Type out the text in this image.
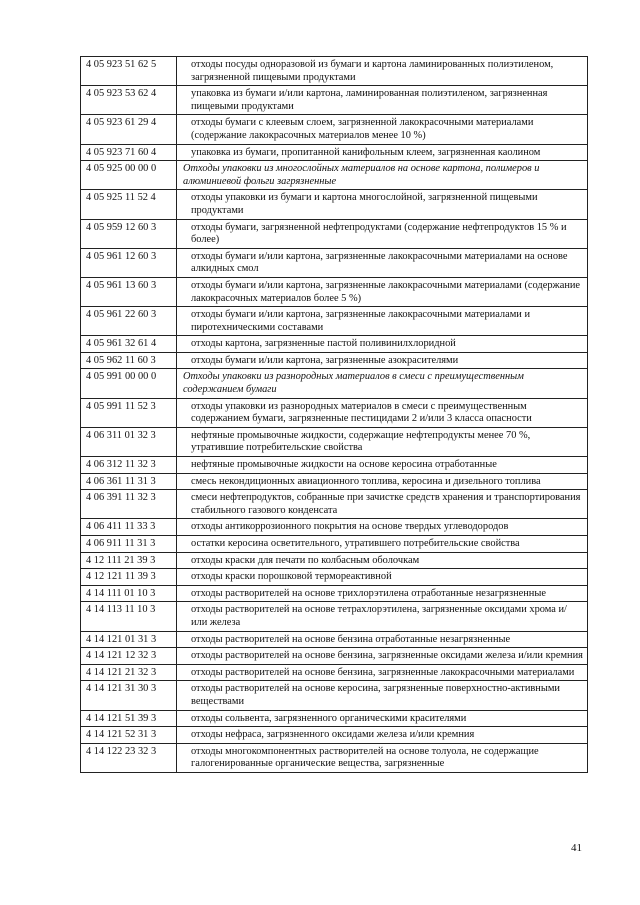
4 05 923 51 62 5	отходы посуды одноразовой из бумаги и картона ламинированных полиэтиленом, загрязненной пищевыми продуктами
4 05 923 53 62 4	упаковка из бумаги и/или картона, ламинированная полиэтиленом, загрязненная пищевыми продуктами
4 05 923 61 29 4	отходы бумаги с клеевым слоем, загрязненной лакокрасочными материалами (содержание лакокрасочных материалов менее 10 %)
4 05 923 71 60 4	упаковка из бумаги, пропитанной канифольным клеем, загрязненная каолином
4 05 925 00 00 0	Отходы упаковки из многослойных материалов на основе картона, полимеров и алюминиевой фольги загрязненные
4 05 925 11 52 4	отходы упаковки из бумаги и картона многослойной, загрязненной пищевыми продуктами
4 05 959 12 60 3	отходы бумаги, загрязненной нефтепродуктами (содержание нефтепродуктов 15 % и более)
4 05 961 12 60 3	отходы бумаги и/или картона, загрязненные лакокрасочными материалами на основе алкидных смол
4 05 961 13 60 3	отходы бумаги и/или картона, загрязненные лакокрасочными материалами (содержание лакокрасочных материалов более 5 %)
4 05 961 22 60 3	отходы бумаги и/или картона, загрязненные лакокрасочными материалами и пиротехническими составами
4 05 961 32 61 4	отходы картона, загрязненные пастой поливинилхлоридной
4 05 962 11 60 3	отходы бумаги и/или картона, загрязненные азокрасителями
4 05 991 00 00 0	Отходы упаковки из разнородных материалов в смеси с преимущественным содержанием бумаги
4 05 991 11 52 3	отходы упаковки из разнородных материалов в смеси с преимущественным содержанием бумаги, загрязненные пестицидами 2 и/или 3 класса опасности
4 06 311 01 32 3	нефтяные промывочные жидкости, содержащие нефтепродукты менее 70 %, утратившие потребительские свойства
4 06 312 11 32 3	нефтяные промывочные жидкости на основе керосина отработанные
4 06 361 11 31 3	смесь некондиционных авиационного топлива, керосина и дизельного топлива
4 06 391 11 32 3	смеси нефтепродуктов, собранные при зачистке средств хранения и транспортирования стабильного газового конденсата
4 06 411 11 33 3	отходы антикоррозионного покрытия на основе твердых углеводородов
4 06 911 11 31 3	остатки керосина осветительного, утратившего потребительские свойства
4 12 111 21 39 3	отходы краски для печати по колбасным оболочкам
4 12 121 11 39 3	отходы краски порошковой термореактивной
4 14 111 01 10 3	отходы растворителей на основе трихлорэтилена отработанные незагрязненные
4 14 113 11 10 3	отходы растворителей на основе тетрахлорэтилена, загрязненные оксидами хрома и/или железа
4 14 121 01 31 3	отходы растворителей на основе бензина отработанные незагрязненные
4 14 121 12 32 3	отходы растворителей на основе бензина, загрязненные оксидами железа и/или кремния
4 14 121 21 32 3	отходы растворителей на основе бензина, загрязненные лакокрасочными материалами
4 14 121 31 30 3	отходы растворителей на основе керосина, загрязненные поверхностно-активными веществами
4 14 121 51 39 3	отходы сольвента, загрязненного органическими красителями
4 14 121 52 31 3	отходы нефраса, загрязненного оксидами железа и/или кремния
4 14 122 23 32 3	отходы многокомпонентных растворителей на основе толуола, не содержащие галогенированные органические вещества, загрязненные
41
